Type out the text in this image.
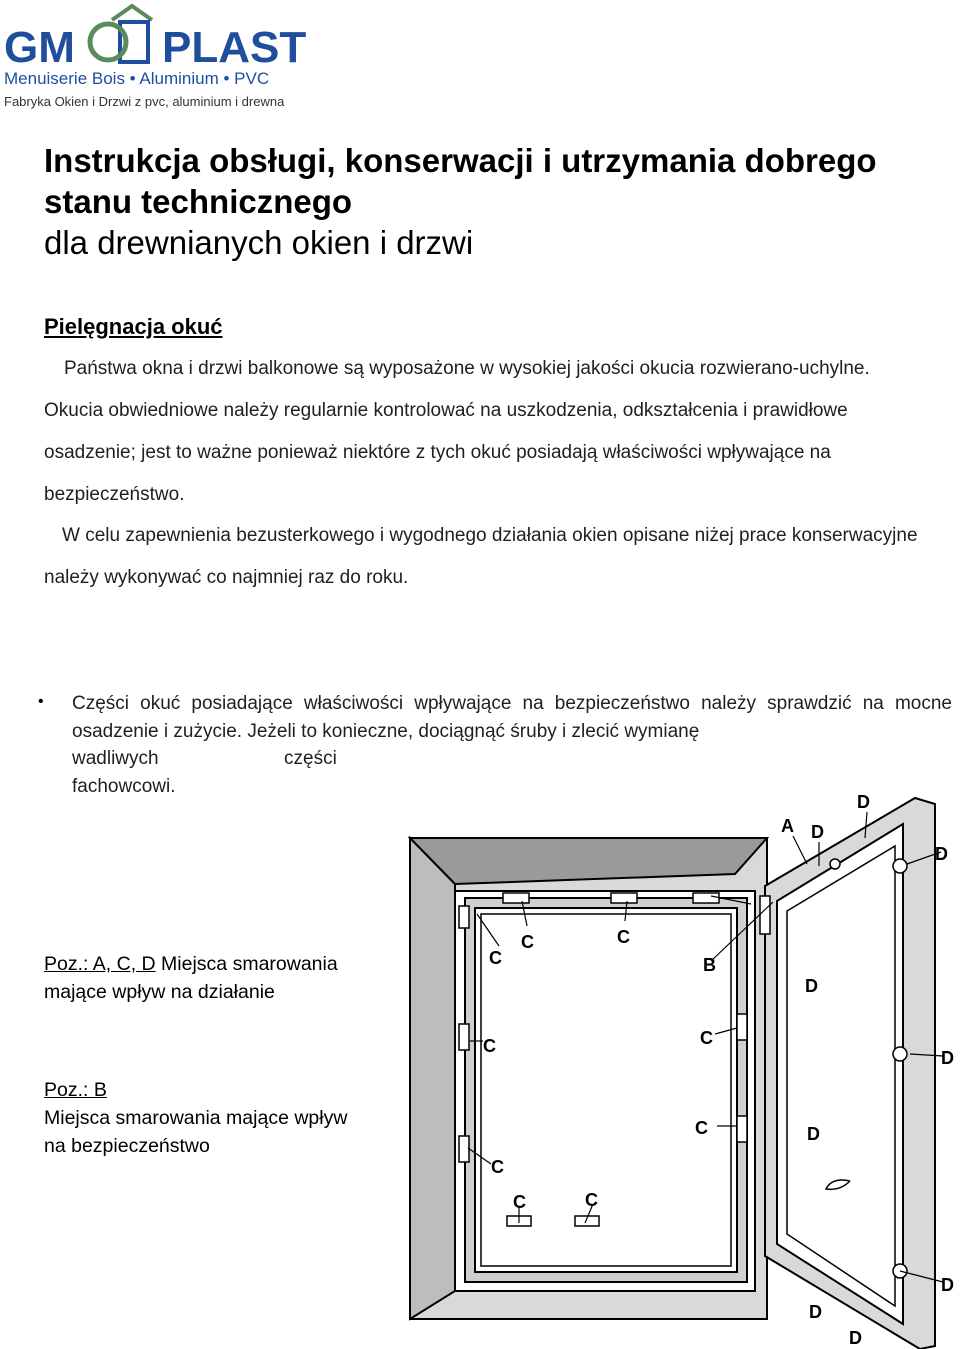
GM PLAST
Menuiserie Bois • Aluminium • PVC
Fabryka Okien i Drzwi z pvc, aluminium i drewna
Instrukcja obsługi, konserwacji i utrzymania dobrego
stanu technicznego
dla drewnianych okien i drzwi
Pielęgnacja okuć

Państwa okna i drzwi balkonowe są wyposażone w wysokiej jakości okucia rozwierano-uchylne. Okucia obwiedniowe należy regularnie kontrolować na uszkodzenia, odkształcenia i prawidłowe osadzenie; jest to ważne ponieważ niektóre z tych okuć posiadają właściwości wpływające na bezpieczeństwo.

W celu zapewnienia bezusterkowego i wygodnego działania okien opisane niżej prace konserwacyjne należy wykonywać co najmniej raz do roku.

• Części okuć posiadające właściwości wpływające na bezpieczeństwo należy sprawdzić na mocne osadzenie i zużycie. Jeżeli to konieczne, dociągnąć śruby i zlecić wymianę
wadliwych	części
fachowcowi.

Poz.: A, C, D Miejsca smarowania mające wpływ na działanie

Poz.: B
Miejsca smarowania mające wpływ na bezpieczeństwo

A D
D
D
C
C	C
B
D
C
C
D
C	D
C
C	C
D
D
D
